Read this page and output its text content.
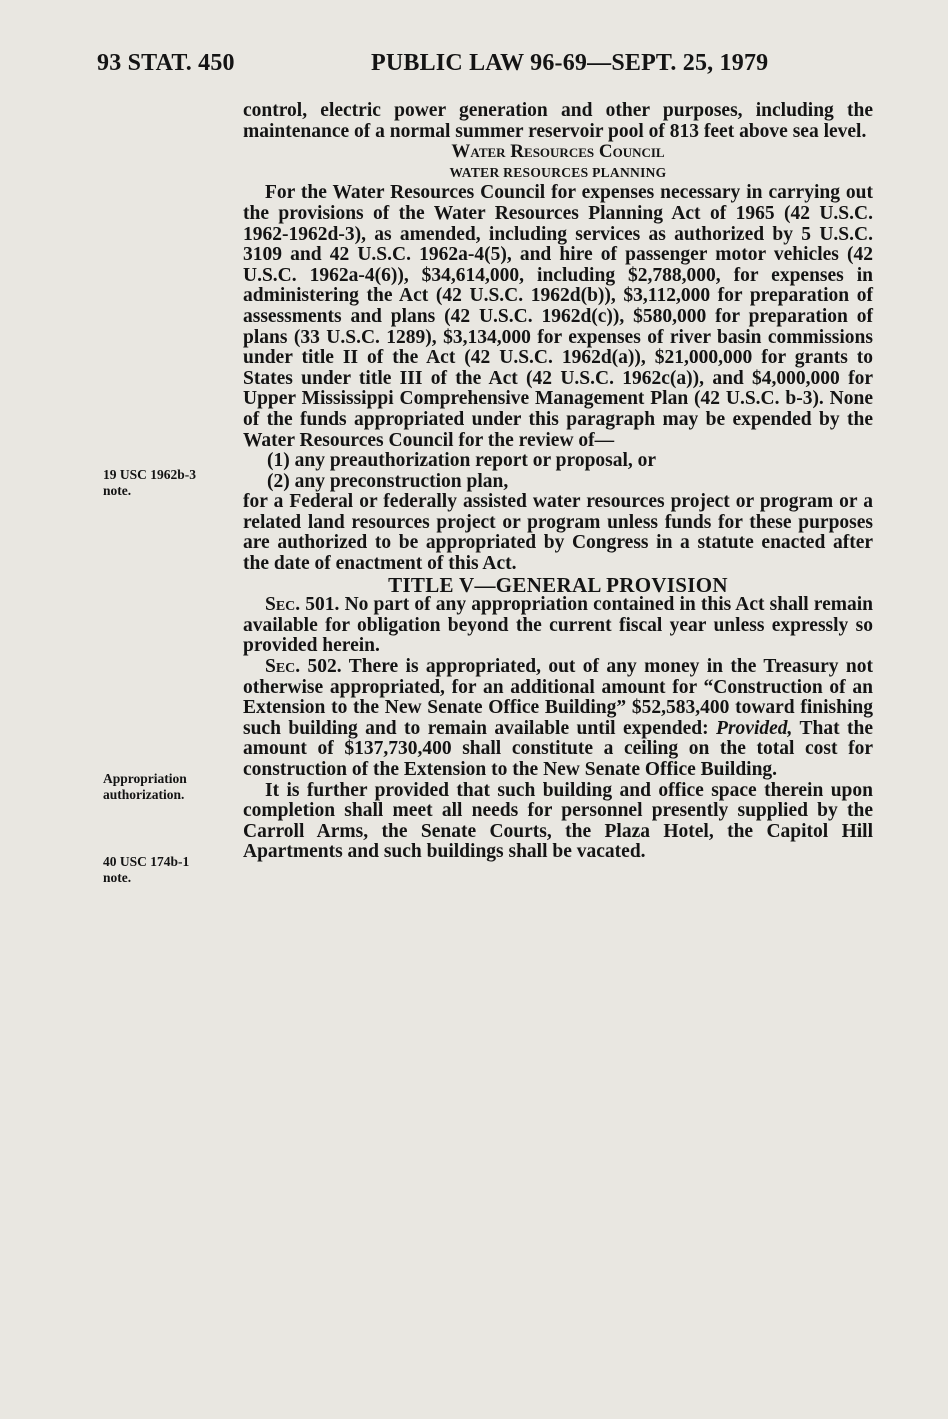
93 STAT. 450	PUBLIC LAW 96-69—SEPT. 25, 1979
19 USC 1962b-3
note.
Appropriation
authorization.
40 USC 174b-1
note.

control, electric power generation and other purposes, including the maintenance of a normal summer reservoir pool of 813 feet above sea level.

Water Resources Council

WATER RESOURCES PLANNING

For the Water Resources Council for expenses necessary in carrying out the provisions of the Water Resources Planning Act of 1965 (42 U.S.C. 1962-1962d-3), as amended, including services as authorized by 5 U.S.C. 3109 and 42 U.S.C. 1962a-4(5), and hire of passenger motor vehicles (42 U.S.C. 1962a-4(6)), $34,614,000, including $2,788,000, for expenses in administering the Act (42 U.S.C. 1962d(b)), $3,112,000 for preparation of assessments and plans (42 U.S.C. 1962d(c)), $580,000 for preparation of plans (33 U.S.C. 1289), $3,134,000 for expenses of river basin commissions under title II of the Act (42 U.S.C. 1962d(a)), $21,000,000 for grants to States under title III of the Act (42 U.S.C. 1962c(a)), and $4,000,000 for Upper Mississippi Comprehensive Management Plan (42 U.S.C. b-3). None of the funds appropriated under this paragraph may be expended by the Water Resources Council for the review of—

(1) any preauthorization report or proposal, or

(2) any preconstruction plan,

for a Federal or federally assisted water resources project or program or a related land resources project or program unless funds for these purposes are authorized to be appropriated by Congress in a statute enacted after the date of enactment of this Act.

TITLE V—GENERAL PROVISION

Sec. 501. No part of any appropriation contained in this Act shall remain available for obligation beyond the current fiscal year unless expressly so provided herein.

Sec. 502. There is appropriated, out of any money in the Treasury not otherwise appropriated, for an additional amount for “Construction of an Extension to the New Senate Office Building” $52,583,400 toward finishing such building and to remain available until expended: Provided, That the amount of $137,730,400 shall constitute a ceiling on the total cost for construction of the Extension to the New Senate Office Building.

It is further provided that such building and office space therein upon completion shall meet all needs for personnel presently supplied by the Carroll Arms, the Senate Courts, the Plaza Hotel, the Capitol Hill Apartments and such buildings shall be vacated.
